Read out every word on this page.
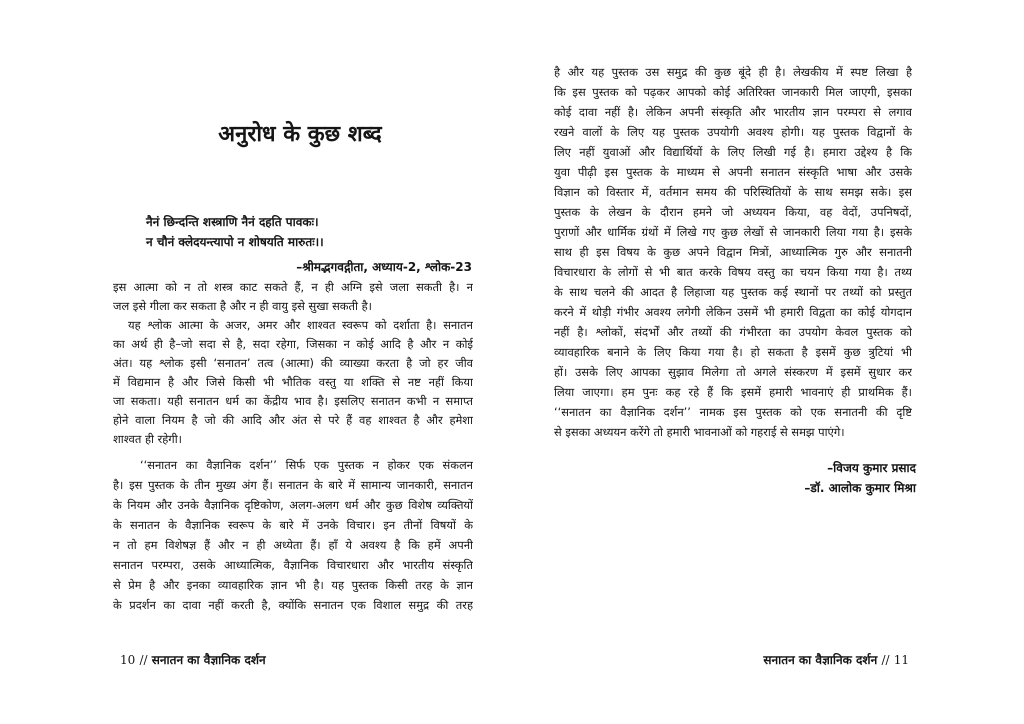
अनुरोध के कुछ शब्द
नैनं छिन्दन्ति शस्त्राणि नैनं दहति पावकः।
न चौनं क्लेदयन्त्यापो न शोषयति मारुतः।।
–श्रीमद्भगवद्गीता, अध्याय-2, श्लोक-23
इस आत्मा को न तो शस्त्र काट सकते हैं, न ही अग्नि इसे जला सकती है। न
जल इसे गीला कर सकता है और न ही वायु इसे सुखा सकती है।
यह श्लोक आत्मा के अजर, अमर और शाश्वत स्वरूप को दर्शाता है। सनातन
का अर्थ ही है–जो सदा से है, सदा रहेगा, जिसका न कोई आदि है और न कोई
अंत। यह श्लोक इसी ‘सनातन’ तत्व (आत्मा) की व्याख्या करता है जो हर जीव
में विद्यमान है और जिसे किसी भी भौतिक वस्तु या शक्ति से नष्ट नहीं किया
जा सकता। यही सनातन धर्म का केंद्रीय भाव है। इसलिए सनातन कभी न समाप्त
होने वाला नियम है जो की आदि और अंत से परे हैं वह शाश्वत है और हमेशा
शाश्वत ही रहेगी।
‘‘सनातन का वैज्ञानिक दर्शन’’ सिर्फ एक पुस्तक न होकर एक संकलन
है। इस पुस्तक के तीन मुख्य अंग हैं। सनातन के बारे में सामान्य जानकारी, सनातन
के नियम और उनके वैज्ञानिक दृष्टिकोण, अलग-अलग धर्म और कुछ विशेष व्यक्तियों
के सनातन के वैज्ञानिक स्वरूप के बारे में उनके विचार। इन तीनों विषयों के
न तो हम विशेषज्ञ हैं और न ही अध्येता हैं। हाँ ये अवश्य है कि हमें अपनी
सनातन परम्परा, उसके आध्यात्मिक, वैज्ञानिक विचारधारा और भारतीय संस्कृति
से प्रेम है और इनका व्यावहारिक ज्ञान भी है। यह पुस्तक किसी तरह के ज्ञान
के प्रदर्शन का दावा नहीं करती है, क्योंकि सनातन एक विशाल समुद्र की तरह
10 // सनातन का वैज्ञानिक दर्शन
है और यह पुस्तक उस समुद्र की कुछ बूंदे ही है। लेखकीय में स्पष्ट लिखा है
कि इस पुस्तक को पढ़कर आपको कोई अतिरिक्त जानकारी मिल जाएगी, इसका
कोई दावा नहीं है। लेकिन अपनी संस्कृति और भारतीय ज्ञान परम्परा से लगाव
रखने वालों के लिए यह पुस्तक उपयोगी अवश्य होगी। यह पुस्तक विद्वानों के
लिए नहीं युवाओं और विद्यार्थियों के लिए लिखी गई है। हमारा उद्देश्य है कि
युवा पीढ़ी इस पुस्तक के माध्यम से अपनी सनातन संस्कृति भाषा और उसके
विज्ञान को विस्तार में, वर्तमान समय की परिस्थितियों के साथ समझ सके। इस
पुस्तक के लेखन के दौरान हमने जो अध्ययन किया, वह वेदों, उपनिषदों,
पुराणों और धार्मिक ग्रंथों में लिखे गए कुछ लेखों से जानकारी लिया गया है। इसके
साथ ही इस विषय के कुछ अपने विद्वान मित्रों, आध्यात्मिक गुरु और सनातनी
विचारधारा के लोगों से भी बात करके विषय वस्तु का चयन किया गया है। तथ्य
के साथ चलने की आदत है लिहाजा यह पुस्तक कई स्थानों पर तथ्यों को प्रस्तुत
करने में थोड़ी गंभीर अवश्य लगेगी लेकिन उसमें भी हमारी विद्वता का कोई योगदान
नहीं है। श्लोकों, संदर्भों और तथ्यों की गंभीरता का उपयोग केवल पुस्तक को
व्यावहारिक बनाने के लिए किया गया है। हो सकता है इसमें कुछ त्रुटियां भी
हों। उसके लिए आपका सुझाव मिलेगा तो अगले संस्करण में इसमें सुधार कर
लिया जाएगा। हम पुनः कह रहे हैं कि इसमें हमारी भावनाएं ही प्राथमिक हैं।
‘‘सनातन का वैज्ञानिक दर्शन’’ नामक इस पुस्तक को एक सनातनी की दृष्टि
से इसका अध्ययन करेंगे तो हमारी भावनाओं को गहराई से समझ पाएंगे।
–विजय कुमार प्रसाद
–डॉ. आलोक कुमार मिश्रा
सनातन का वैज्ञानिक दर्शन // 11
